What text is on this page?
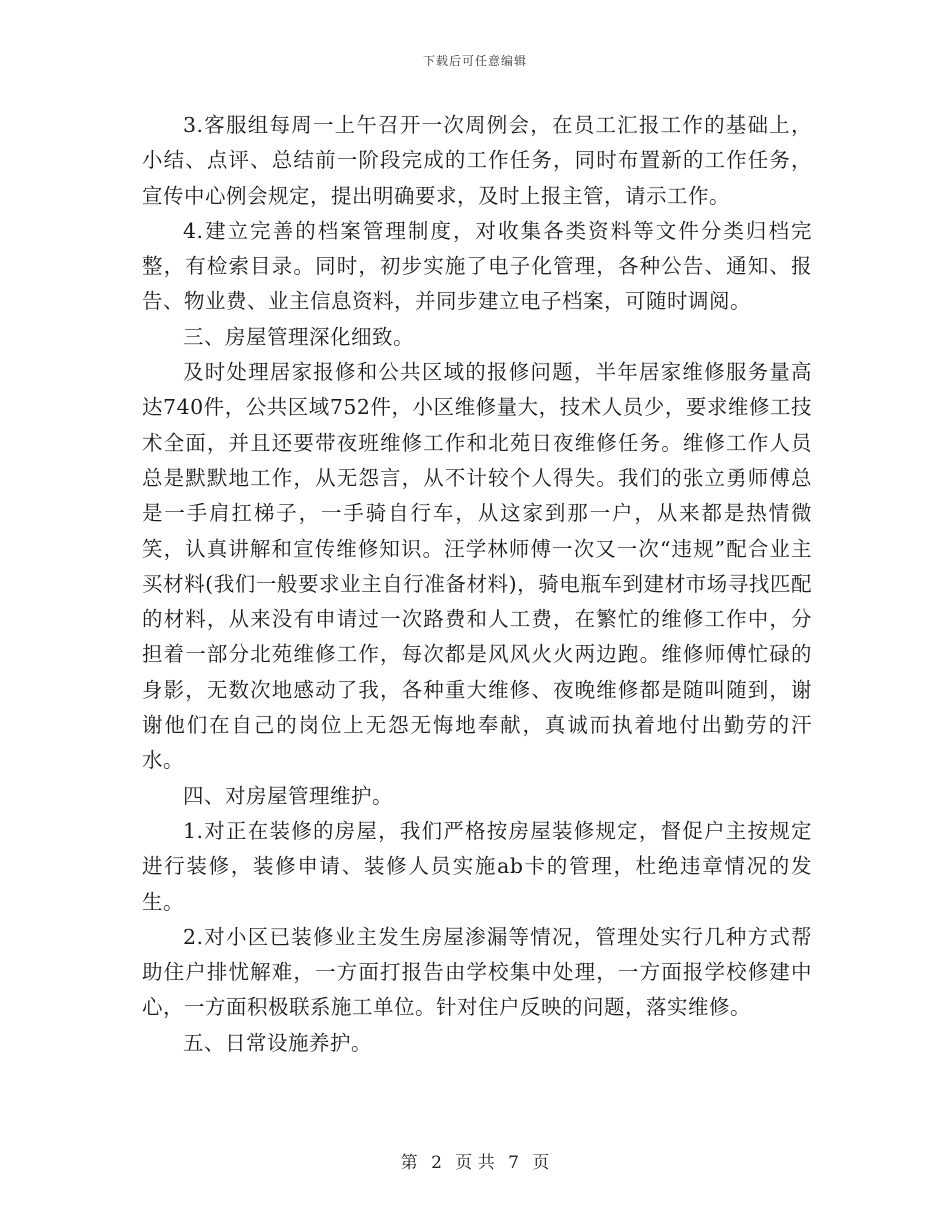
下载后可任意编辑

3.客服组每周一上午召开一次周例会，在员工汇报工作的基础上，小结、点评、总结前一阶段完成的工作任务，同时布置新的工作任务，宣传中心例会规定，提出明确要求，及时上报主管，请示工作。

4.建立完善的档案管理制度，对收集各类资料等文件分类归档完整，有检索目录。同时，初步实施了电子化管理，各种公告、通知、报告、物业费、业主信息资料，并同步建立电子档案，可随时调阅。

三、房屋管理深化细致。

及时处理居家报修和公共区域的报修问题，半年居家维修服务量高达740件，公共区域752件，小区维修量大，技术人员少，要求维修工技术全面，并且还要带夜班维修工作和北苑日夜维修任务。维修工作人员总是默默地工作，从无怨言，从不计较个人得失。我们的张立勇师傅总是一手肩扛梯子，一手骑自行车，从这家到那一户，从来都是热情微笑，认真讲解和宣传维修知识。汪学林师傅一次又一次“违规”配合业主买材料(我们一般要求业主自行准备材料)，骑电瓶车到建材市场寻找匹配的材料，从来没有申请过一次路费和人工费，在繁忙的维修工作中，分担着一部分北苑维修工作，每次都是风风火火两边跑。维修师傅忙碌的身影，无数次地感动了我，各种重大维修、夜晚维修都是随叫随到，谢谢他们在自己的岗位上无怨无悔地奉献，真诚而执着地付出勤劳的汗水。

四、对房屋管理维护。

1.对正在装修的房屋，我们严格按房屋装修规定，督促户主按规定进行装修，装修申请、装修人员实施ab卡的管理，杜绝违章情况的发生。

2.对小区已装修业主发生房屋渗漏等情况，管理处实行几种方式帮助住户排忧解难，一方面打报告由学校集中处理，一方面报学校修建中心，一方面积极联系施工单位。针对住户反映的问题，落实维修。

五、日常设施养护。

第 2 页 共 7 页
